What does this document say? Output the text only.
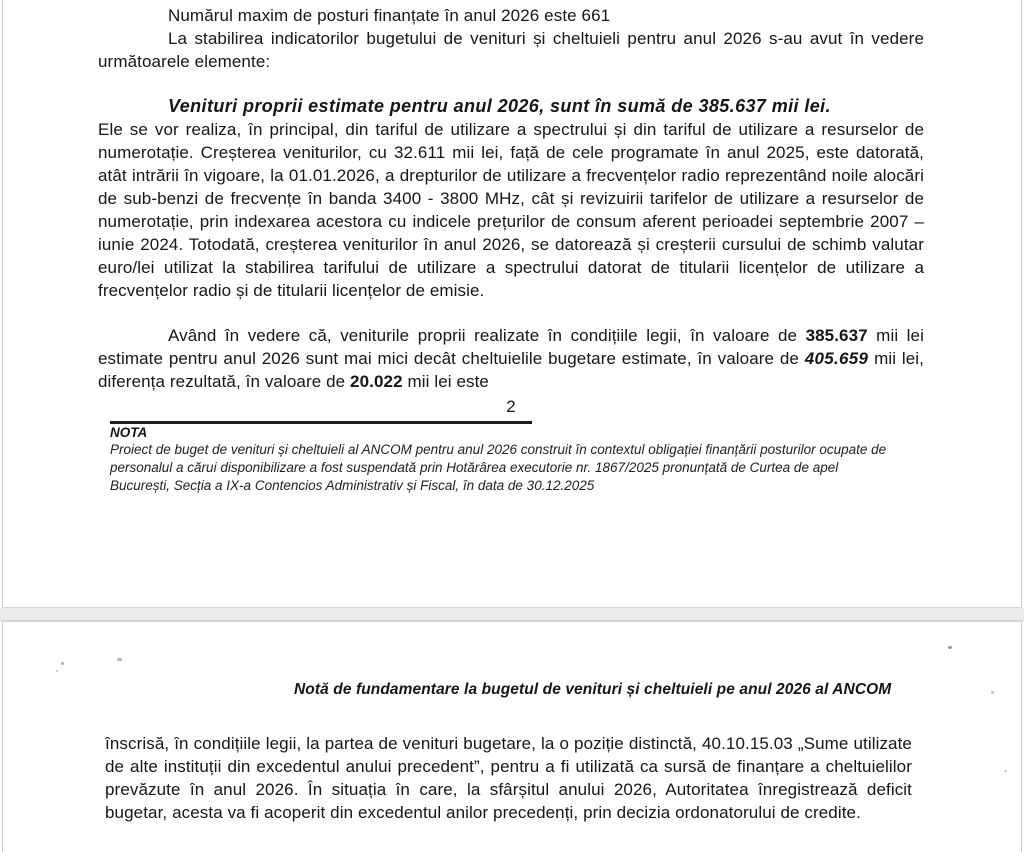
Numărul maxim de posturi finanțate în anul 2026 este 661

La stabilirea indicatorilor bugetului de venituri și cheltuieli pentru anul 2026 s-au avut în vedere următoarele elemente:

Venituri proprii estimate pentru anul 2026, sunt în sumă de 385.637 mii lei.

Ele se vor realiza, în principal, din tariful de utilizare a spectrului și din tariful de utilizare a resurselor de numerotație. Creșterea veniturilor, cu 32.611 mii lei, față de cele programate în anul 2025, este datorată, atât intrării în vigoare, la 01.01.2026, a drepturilor de utilizare a frecvențelor radio reprezentând noile alocări de sub-benzi de frecvențe în banda 3400 - 3800 MHz, cât și revizuirii tarifelor de utilizare a resurselor de numerotație, prin indexarea acestora cu indicele prețurilor de consum aferent perioadei septembrie 2007 – iunie 2024. Totodată, creșterea veniturilor în anul 2026, se datorează și creșterii cursului de schimb valutar euro/lei utilizat la stabilirea tarifului de utilizare a spectrului datorat de titularii licențelor de utilizare a frecvențelor radio și de titularii licențelor de emisie.

Având în vedere că, veniturile proprii realizate în condițiile legii, în valoare de 385.637 mii lei estimate pentru anul 2026 sunt mai mici decât cheltuielile bugetare estimate, în valoare de 405.659 mii lei, diferența rezultată, în valoare de 20.022 mii lei este

2
NOTA
Proiect de buget de venituri și cheltuieli al ANCOM pentru anul 2026 construit în contextul obligației finanțării posturilor ocupate de personalul a cărui disponibilizare a fost suspendată prin Hotărârea executorie nr. 1867/2025 pronunțată de Curtea de apel București, Secția a IX-a Contencios Administrativ și Fiscal, în data de 30.12.2025
Notă de fundamentare la bugetul de venituri și cheltuieli pe anul 2026 al ANCOM

înscrisă, în condițiile legii, la partea de venituri bugetare, la o poziție distinctă, 40.10.15.03 „Sume utilizate de alte instituții din excedentul anului precedent”, pentru a fi utilizată ca sursă de finanțare a cheltuielilor prevăzute în anul 2026. În situația în care, la sfârșitul anului 2026, Autoritatea înregistrează deficit bugetar, acesta va fi acoperit din excedentul anilor precedenți, prin decizia ordonatorului de credite.
